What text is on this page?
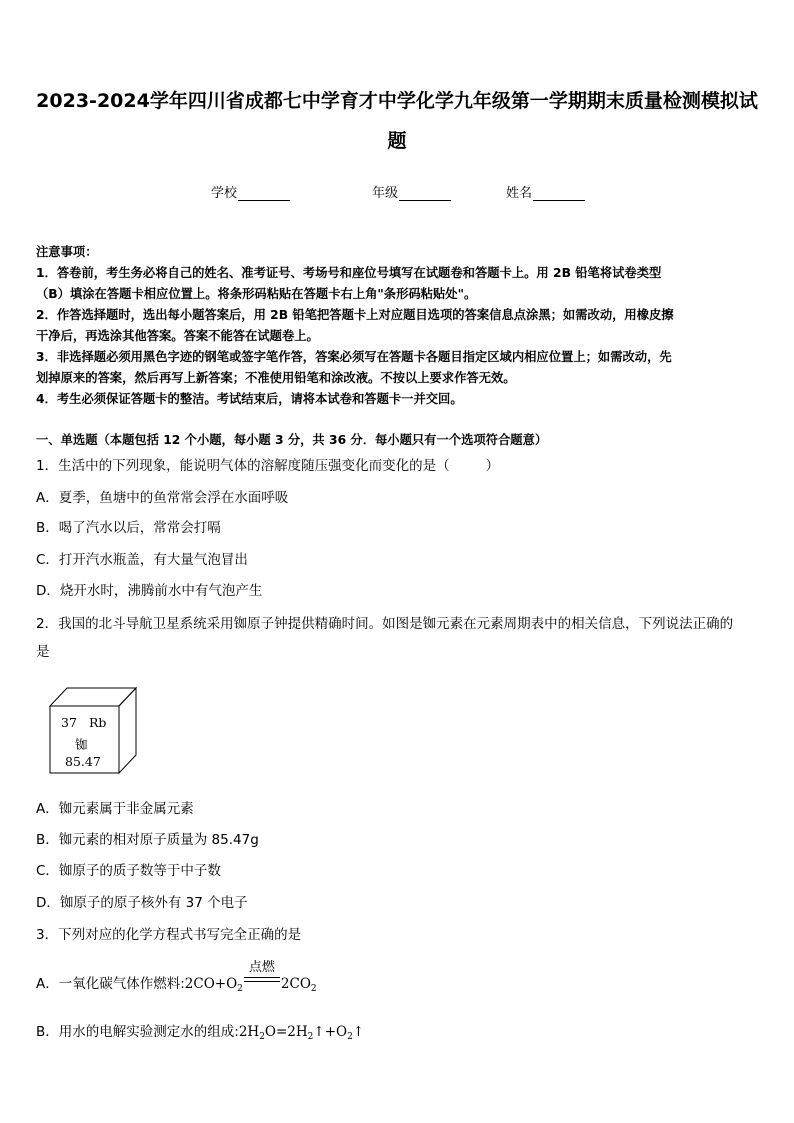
2023-2024学年四川省成都七中学育才中学化学九年级第一学期期末质量检测模拟试
题
学校	年级	姓名
注意事项：
1．答卷前，考生务必将自己的姓名、准考证号、考场号和座位号填写在试题卷和答题卡上。用 2B 铅笔将试卷类型
（B）填涂在答题卡相应位置上。将条形码粘贴在答题卡右上角"条形码粘贴处"。
2．作答选择题时，选出每小题答案后，用 2B 铅笔把答题卡上对应题目选项的答案信息点涂黑；如需改动，用橡皮擦
干净后，再选涂其他答案。答案不能答在试题卷上。
3．非选择题必须用黑色字迹的钢笔或签字笔作答，答案必须写在答题卡各题目指定区域内相应位置上；如需改动，先
划掉原来的答案，然后再写上新答案；不准使用铅笔和涂改液。不按以上要求作答无效。
4．考生必须保证答题卡的整洁。考试结束后，请将本试卷和答题卡一并交回。
一、单选题（本题包括 12 个小题，每小题 3 分，共 36 分．每小题只有一个选项符合题意）
1．生活中的下列现象，能说明气体的溶解度随压强变化而变化的是（	）
A．夏季，鱼塘中的鱼常常会浮在水面呼吸
B．喝了汽水以后，常常会打嗝
C．打开汽水瓶盖，有大量气泡冒出
D．烧开水时，沸腾前水中有气泡产生
2．我国的北斗导航卫星系统采用铷原子钟提供精确时间。如图是铷元素在元素周期表中的相关信息，下列说法正确的
是
37 Rb
铷
85.47
A．铷元素属于非金属元素
B．铷元素的相对原子质量为 85.47g
C．铷原子的质子数等于中子数
D．铷原子的原子核外有 37 个电子
3．下列对应的化学方程式书写完全正确的是
A．一氧化碳气体作燃料$:2CO+O_2$
点燃
$2CO_2$
B．用水的电解实验测定水的组成$:2H_2O=2H_2↑+O_2↑$
